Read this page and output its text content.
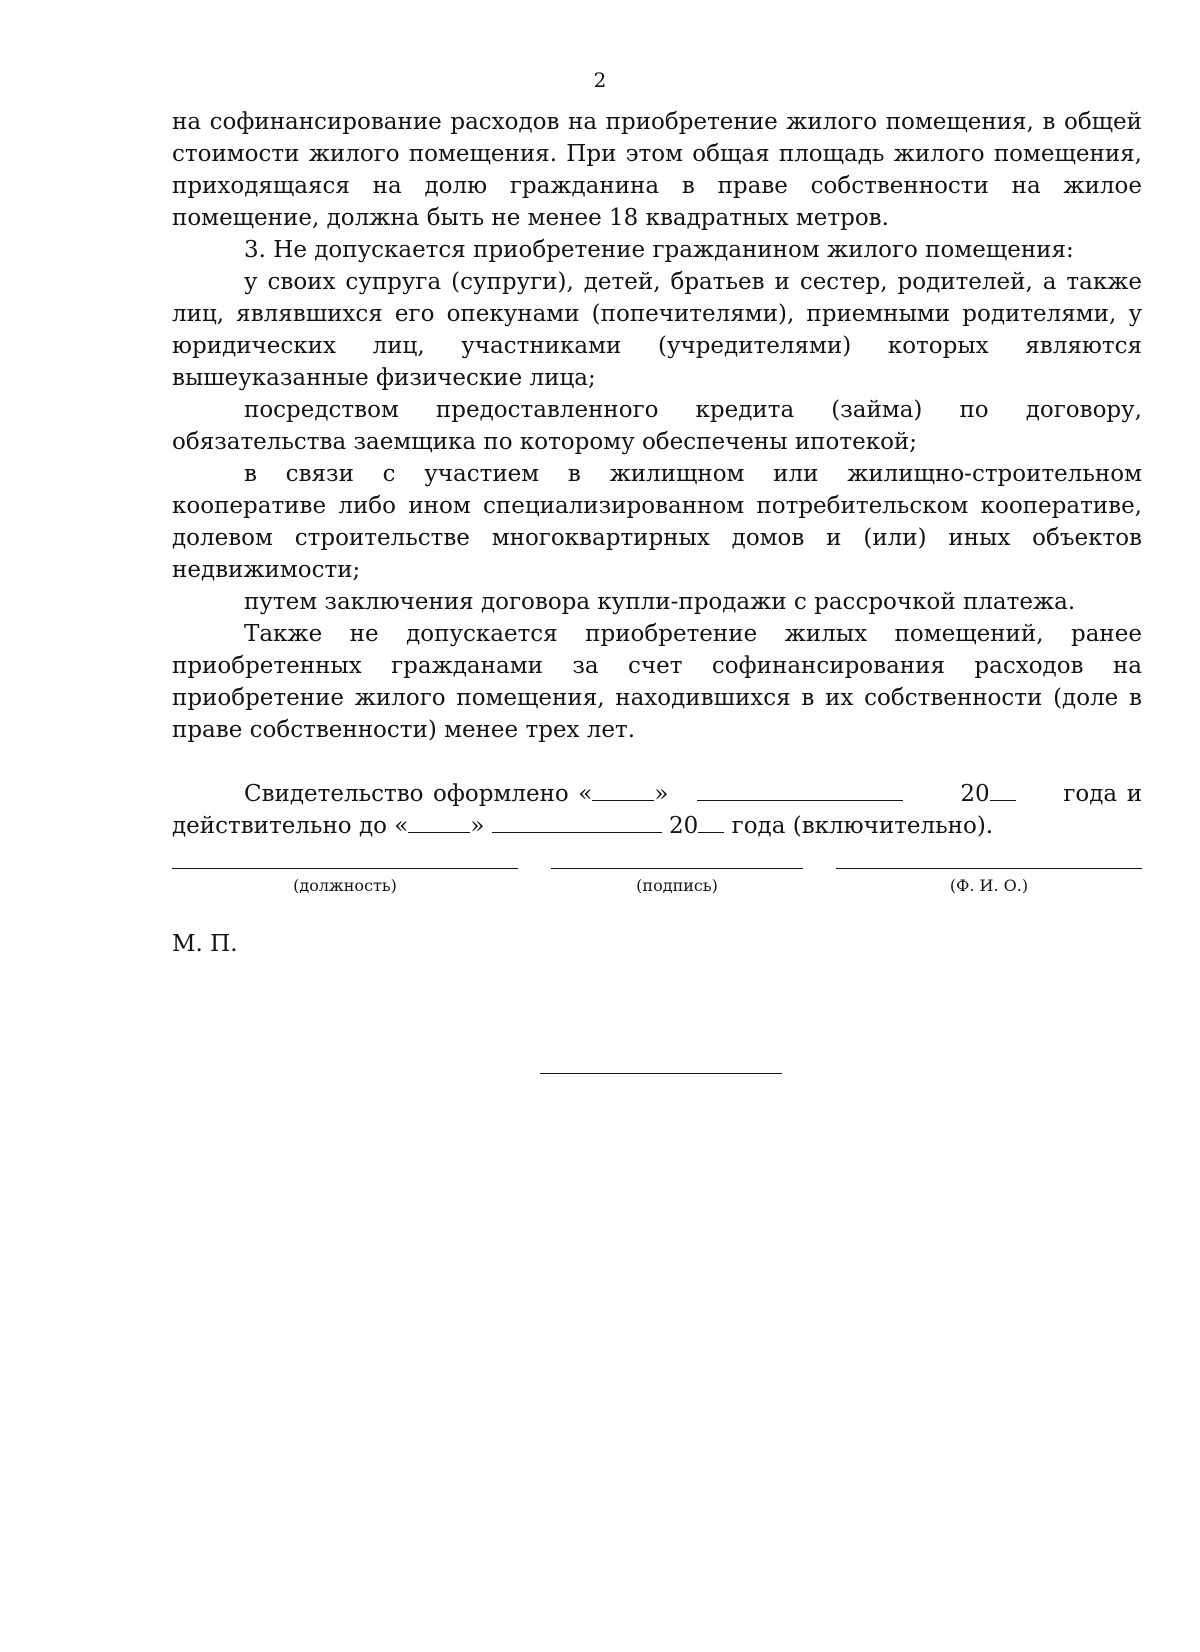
2

на софинансирование расходов на приобретение жилого помещения, в общей стоимости жилого помещения. При этом общая площадь жилого помещения, приходящаяся на долю гражданина в праве собственности на жилое помещение, должна быть не менее 18 квадратных метров.

3. Не допускается приобретение гражданином жилого помещения:

у своих супруга (супруги), детей, братьев и сестер, родителей, а также лиц, являвшихся его опекунами (попечителями), приемными родителями, у юридических лиц, участниками (учредителями) которых являются вышеуказанные физические лица;

посредством предоставленного кредита (займа) по договору, обязательства заемщика по которому обеспечены ипотекой;

в связи с участием в жилищном или жилищно-строительном кооперативе либо ином специализированном потребительском кооперативе, долевом строительстве многоквартирных домов и (или) иных объектов недвижимости;

путем заключения договора купли-продажи с рассрочкой платежа.

Также не допускается приобретение жилых помещений, ранее приобретенных гражданами за счет софинансирования расходов на приобретение жилого помещения, находившихся в их собственности (доле в праве собственности) менее трех лет.

Свидетельство оформлено «	»	20	года и действительно до «	»	20 года (включительно).

(должность)	(подпись)	(Ф. И. О.)
М. П.
